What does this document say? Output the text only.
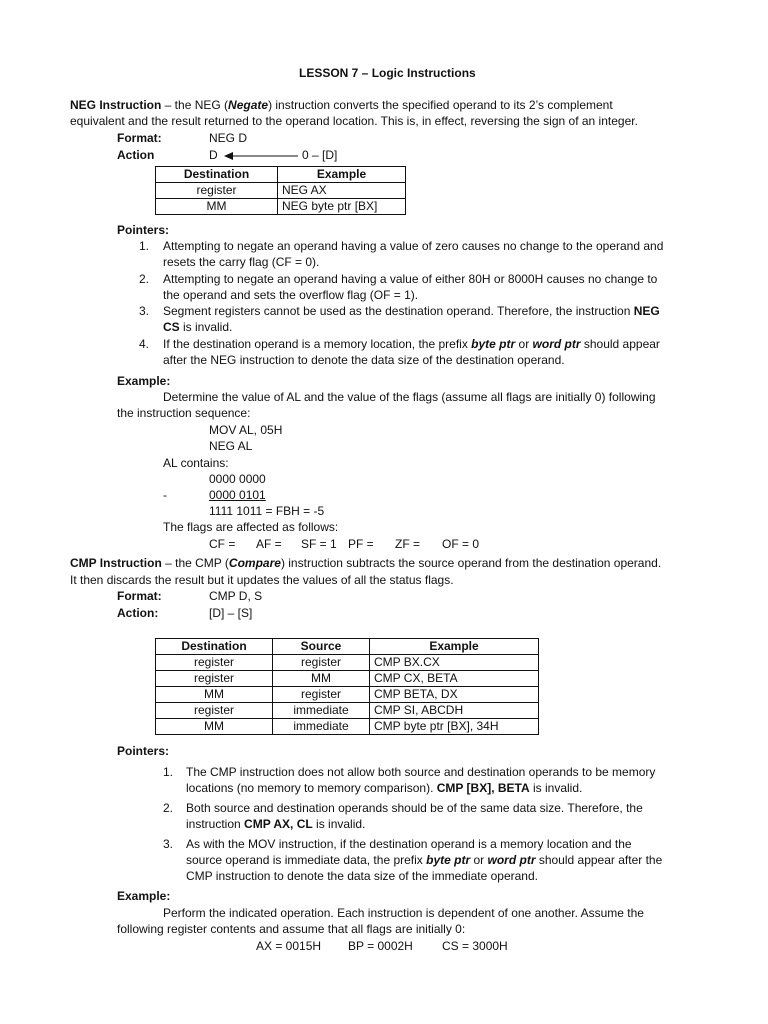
LESSON 7 – Logic Instructions
NEG Instruction – the NEG (Negate) instruction converts the specified operand to its 2’s complement
equivalent and the result returned to the operand location. This is, in effect, reversing the sign of an integer.
Format:	NEG D
Action	D	0 – [D]
Destination	Example
register	NEG AX
MM	NEG byte ptr [BX]
Pointers:
1. Attempting to negate an operand having a value of zero causes no change to the operand and
resets the carry flag (CF = 0).
2. Attempting to negate an operand having a value of either 80H or 8000H causes no change to
the operand and sets the overflow flag (OF = 1).
3. Segment registers cannot be used as the destination operand. Therefore, the instruction NEG
CS is invalid.
4. If the destination operand is a memory location, the prefix byte ptr or word ptr should appear
after the NEG instruction to denote the data size of the destination operand.
Example:
Determine the value of AL and the value of the flags (assume all flags are initially 0) following
the instruction sequence:
MOV AL, 05H
NEG AL
AL contains:
0000 0000
-	0000 0101
1111 1011 = FBH = -5
The flags are affected as follows:
CF = AF = SF = 1 PF = ZF = OF = 0
CMP Instruction – the CMP (Compare) instruction subtracts the source operand from the destination operand.
It then discards the result but it updates the values of all the status flags.
Format:	CMP D, S
Action:	[D] – [S]
Destination	Source	Example
register	register	CMP BX.CX
register	MM	CMP CX, BETA
MM	register	CMP BETA, DX
register	immediate	CMP SI, ABCDH
MM	immediate	CMP byte ptr [BX], 34H
Pointers:
1. The CMP instruction does not allow both source and destination operands to be memory
locations (no memory to memory comparison). CMP [BX], BETA is invalid.
2. Both source and destination operands should be of the same data size. Therefore, the
instruction CMP AX, CL is invalid.
3. As with the MOV instruction, if the destination operand is a memory location and the
source operand is immediate data, the prefix byte ptr or word ptr should appear after the
CMP instruction to denote the data size of the immediate operand.
Example:
Perform the indicated operation. Each instruction is dependent of one another. Assume the
following register contents and assume that all flags are initially 0:
AX = 0015H BP = 0002H CS = 3000H
